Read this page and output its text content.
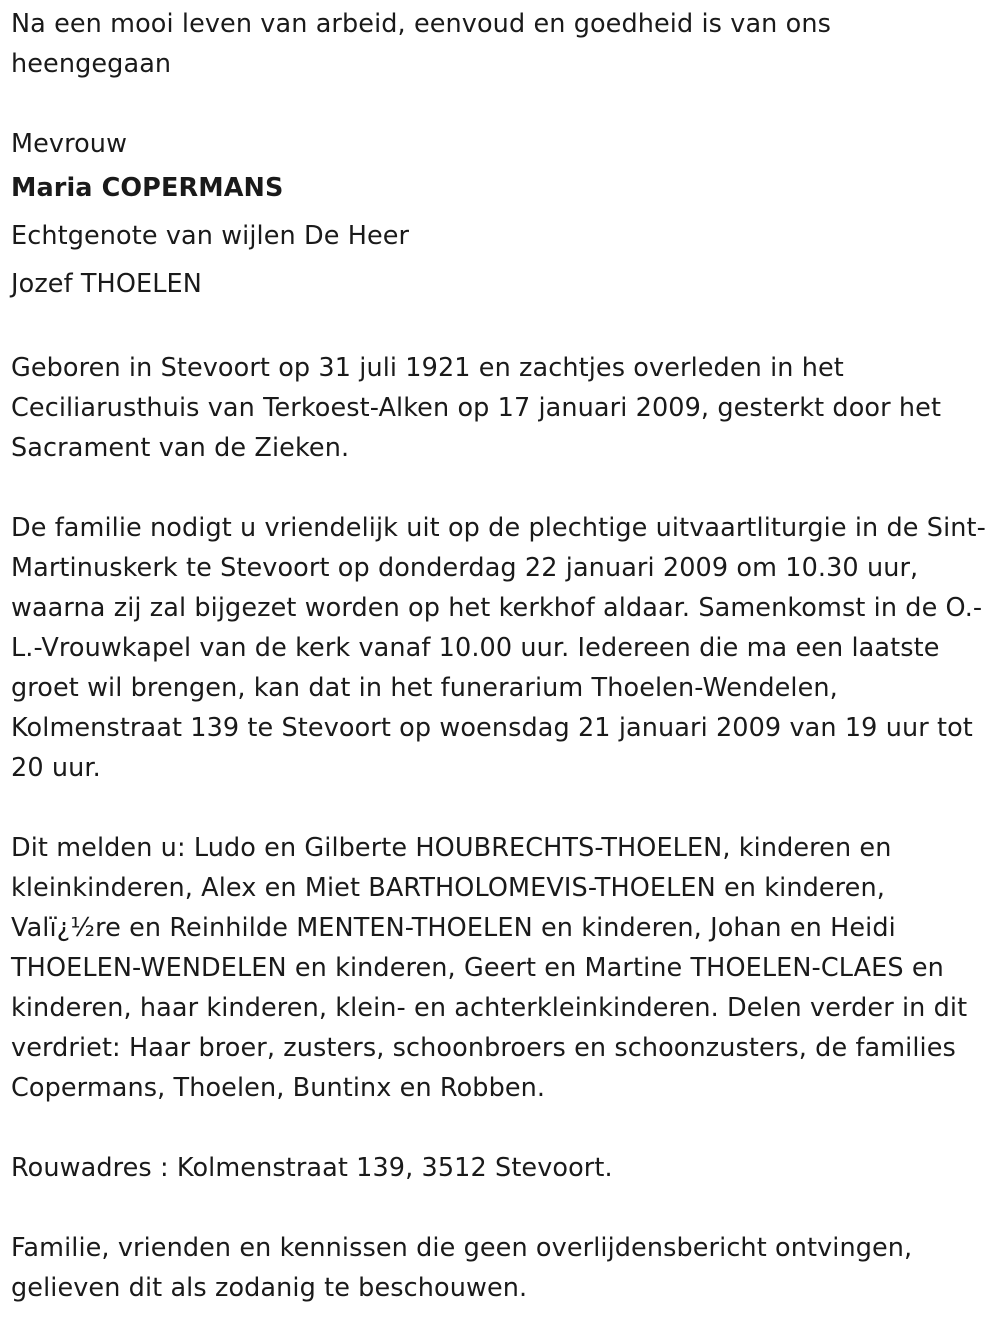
Na een mooi leven van arbeid, eenvoud en goedheid is van ons heengegaan

Mevrouw

Maria COPERMANS

Echtgenote van wijlen De Heer

Jozef THOELEN

Geboren in Stevoort op 31 juli 1921 en zachtjes overleden in het Ceciliarusthuis van Terkoest-Alken op 17 januari 2009, gesterkt door het Sacrament van de Zieken.

De familie nodigt u vriendelijk uit op de plechtige uitvaartliturgie in de Sint-Martinuskerk te Stevoort op donderdag 22 januari 2009 om 10.30 uur, waarna zij zal bijgezet worden op het kerkhof aldaar. Samenkomst in de O.-L.-Vrouwkapel van de kerk vanaf 10.00 uur. Iedereen die ma een laatste groet wil brengen, kan dat in het funerarium Thoelen-Wendelen, Kolmenstraat 139 te Stevoort op woensdag 21 januari 2009 van 19 uur tot 20 uur.

Dit melden u: Ludo en Gilberte HOUBRECHTS-THOELEN, kinderen en kleinkinderen, Alex en Miet BARTHOLOMEVIS-THOELEN en kinderen, Valï¿½re en Reinhilde MENTEN-THOELEN en kinderen, Johan en Heidi THOELEN-WENDELEN en kinderen, Geert en Martine THOELEN-CLAES en kinderen, haar kinderen, klein- en achterkleinkinderen. Delen verder in dit verdriet: Haar broer, zusters, schoonbroers en schoonzusters, de families Copermans, Thoelen, Buntinx en Robben.

Rouwadres : Kolmenstraat 139, 3512 Stevoort.

Familie, vrienden en kennissen die geen overlijdensbericht ontvingen, gelieven dit als zodanig te beschouwen.
